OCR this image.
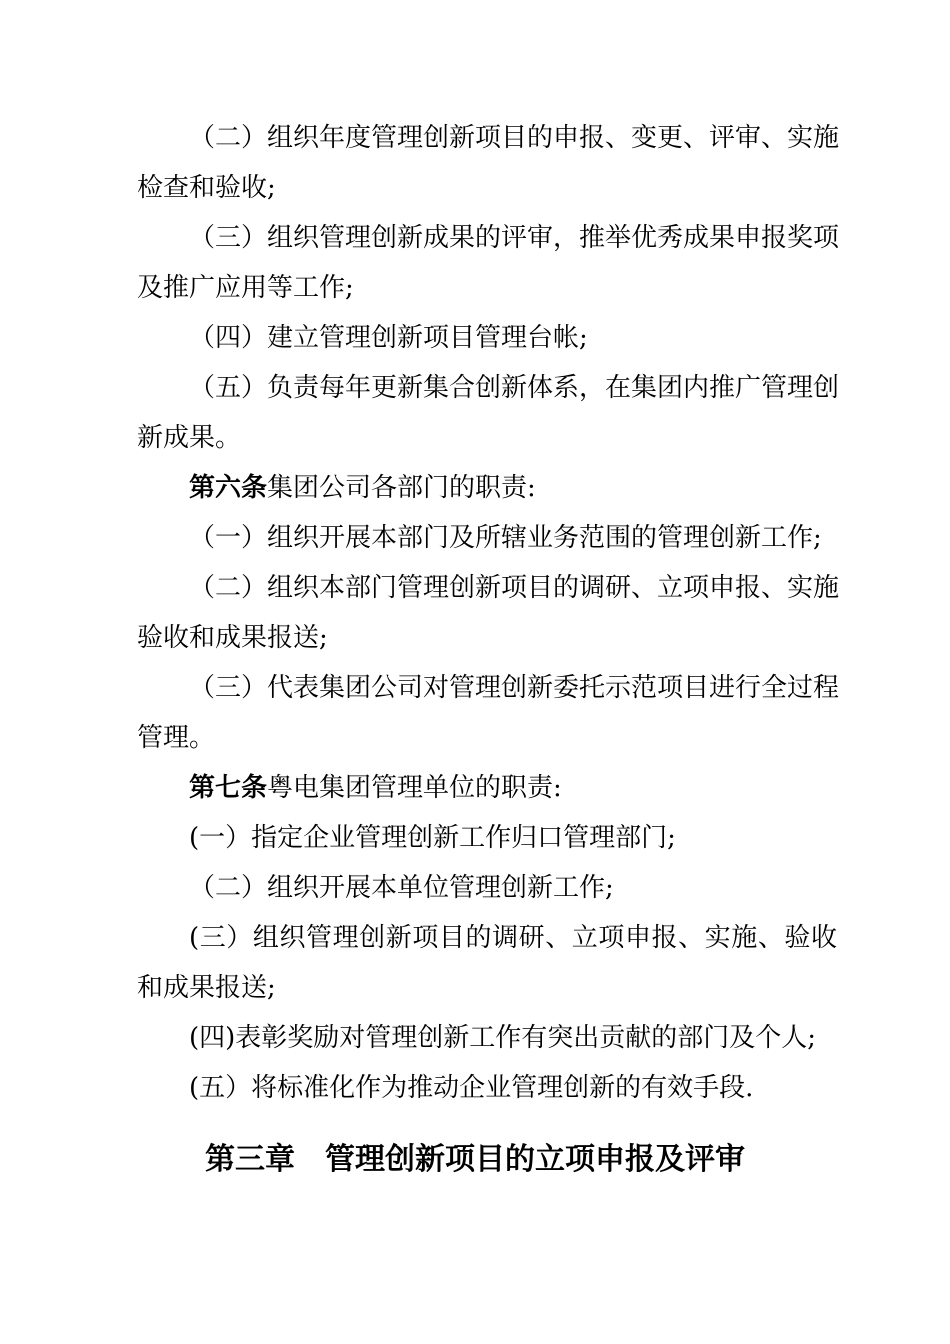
（二）组织年度管理创新项目的申报、变更、评审、实施
检查和验收;
（三）组织管理创新成果的评审，推举优秀成果申报奖项
及推广应用等工作;
（四）建立管理创新项目管理台帐;
（五）负责每年更新集合创新体系，在集团内推广管理创
新成果。
第六条集团公司各部门的职责:
（一）组织开展本部门及所辖业务范围的管理创新工作;
（二）组织本部门管理创新项目的调研、立项申报、实施
验收和成果报送;
（三）代表集团公司对管理创新委托示范项目进行全过程
管理。
第七条粤电集团管理单位的职责:
(一）指定企业管理创新工作归口管理部门;
（二）组织开展本单位管理创新工作;
(三）组织管理创新项目的调研、立项申报、实施、验收
和成果报送;
(四)表彰奖励对管理创新工作有突出贡献的部门及个人;
(五）将标准化作为推动企业管理创新的有效手段.
第三章　管理创新项目的立项申报及评审
